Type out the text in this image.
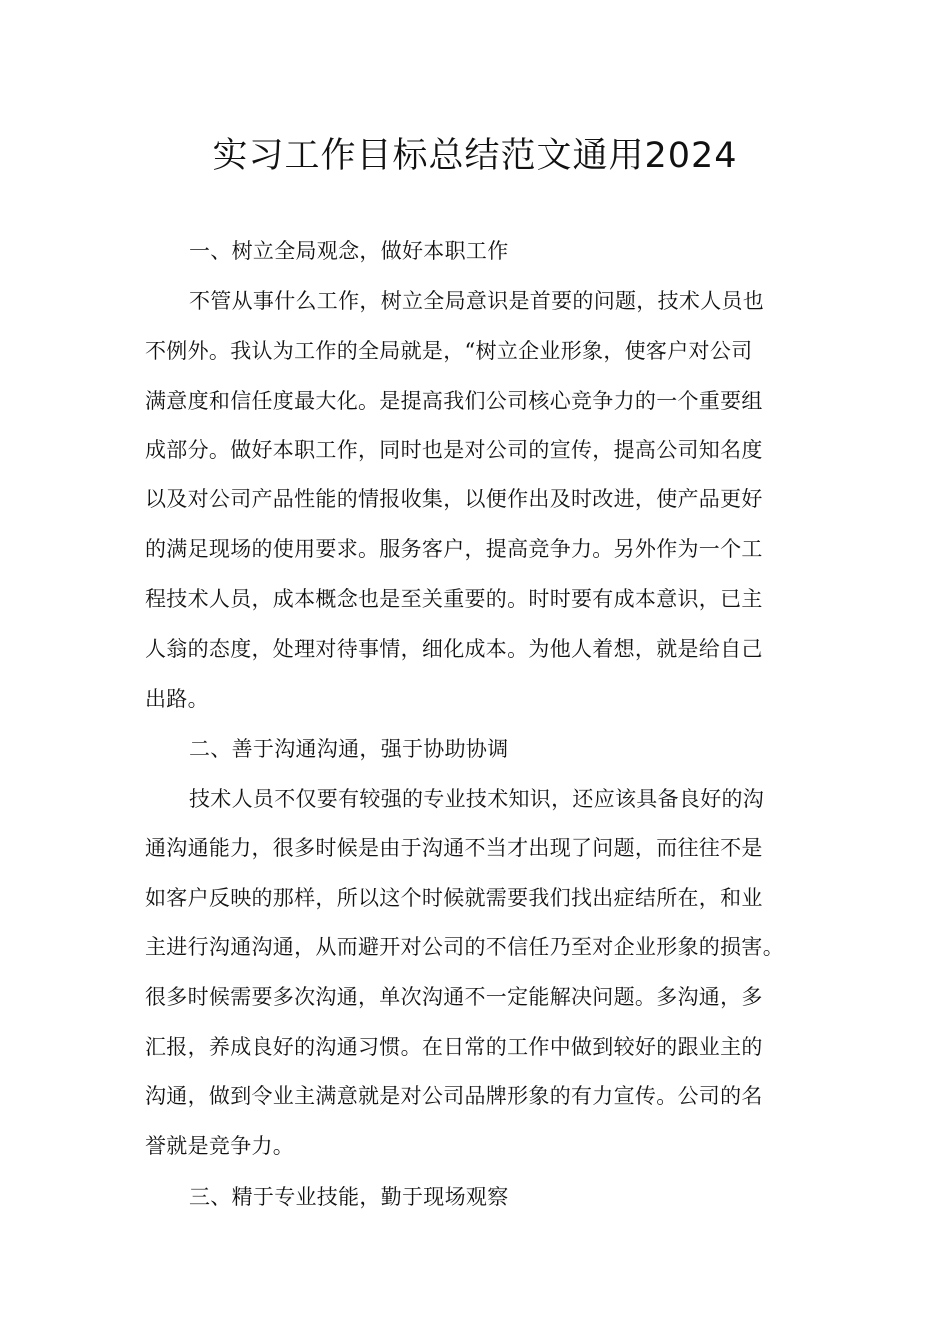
实习工作目标总结范文通用2024
一、树立全局观念，做好本职工作
不管从事什么工作，树立全局意识是首要的问题，技术人员也
不例外。我认为工作的全局就是，“树立企业形象，使客户对公司
满意度和信任度最大化。是提高我们公司核心竞争力的一个重要组
成部分。做好本职工作，同时也是对公司的宣传，提高公司知名度
以及对公司产品性能的情报收集，以便作出及时改进，使产品更好
的满足现场的使用要求。服务客户，提高竞争力。另外作为一个工
程技术人员，成本概念也是至关重要的。时时要有成本意识，已主
人翁的态度，处理对待事情，细化成本。为他人着想，就是给自己
出路。
二、善于沟通沟通，强于协助协调
技术人员不仅要有较强的专业技术知识，还应该具备良好的沟
通沟通能力，很多时候是由于沟通不当才出现了问题，而往往不是
如客户反映的那样，所以这个时候就需要我们找出症结所在，和业
主进行沟通沟通，从而避开对公司的不信任乃至对企业形象的损害。
很多时候需要多次沟通，单次沟通不一定能解决问题。多沟通，多
汇报，养成良好的沟通习惯。在日常的工作中做到较好的跟业主的
沟通，做到令业主满意就是对公司品牌形象的有力宣传。公司的名
誉就是竞争力。
三、精于专业技能，勤于现场观察
